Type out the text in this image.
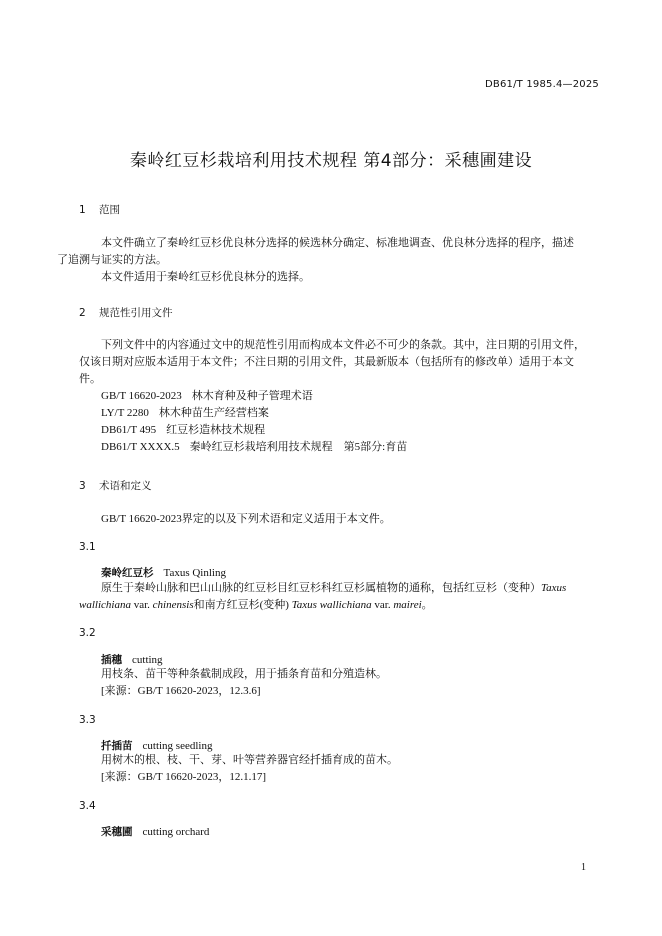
DB61/T 1985.4—2025
秦岭红豆杉栽培利用技术规程 第4部分：采穗圃建设
1 范围
本文件确立了秦岭红豆杉优良林分选择的候选林分确定、标准地调查、优良林分选择的程序，描述
了追溯与证实的方法。
本文件适用于秦岭红豆杉优良林分的选择。
2 规范性引用文件
下列文件中的内容通过文中的规范性引用而构成本文件必不可少的条款。其中，注日期的引用文件，
仅该日期对应版本适用于本文件；不注日期的引用文件，其最新版本（包括所有的修改单）适用于本文
件。
GB/T 16620-2023 林木育种及种子管理术语
LY/T 2280 林木种苗生产经营档案
DB61/T 495 红豆杉造林技术规程
DB61/T XXXX.5 秦岭红豆杉栽培利用技术规程　第5部分:育苗
3 术语和定义
GB/T 16620-2023界定的以及下列术语和定义适用于本文件。
3.1
秦岭红豆杉 Taxus Qinling
原生于秦岭山脉和巴山山脉的红豆杉目红豆杉科红豆杉属植物的通称，包括红豆杉（变种）Taxus
wallichiana var. chinensis和南方红豆杉(变种) Taxus wallichiana var. mairei。
3.2
插穗 cutting
用枝条、苗干等种条截制成段，用于插条育苗和分殖造林。
[来源：GB/T 16620-2023，12.3.6]
3.3
扦插苗 cutting seedling
用树木的根、枝、干、芽、叶等营养器官经扦插育成的苗木。
[来源：GB/T 16620-2023，12.1.17]
3.4
采穗圃 cutting orchard
1
